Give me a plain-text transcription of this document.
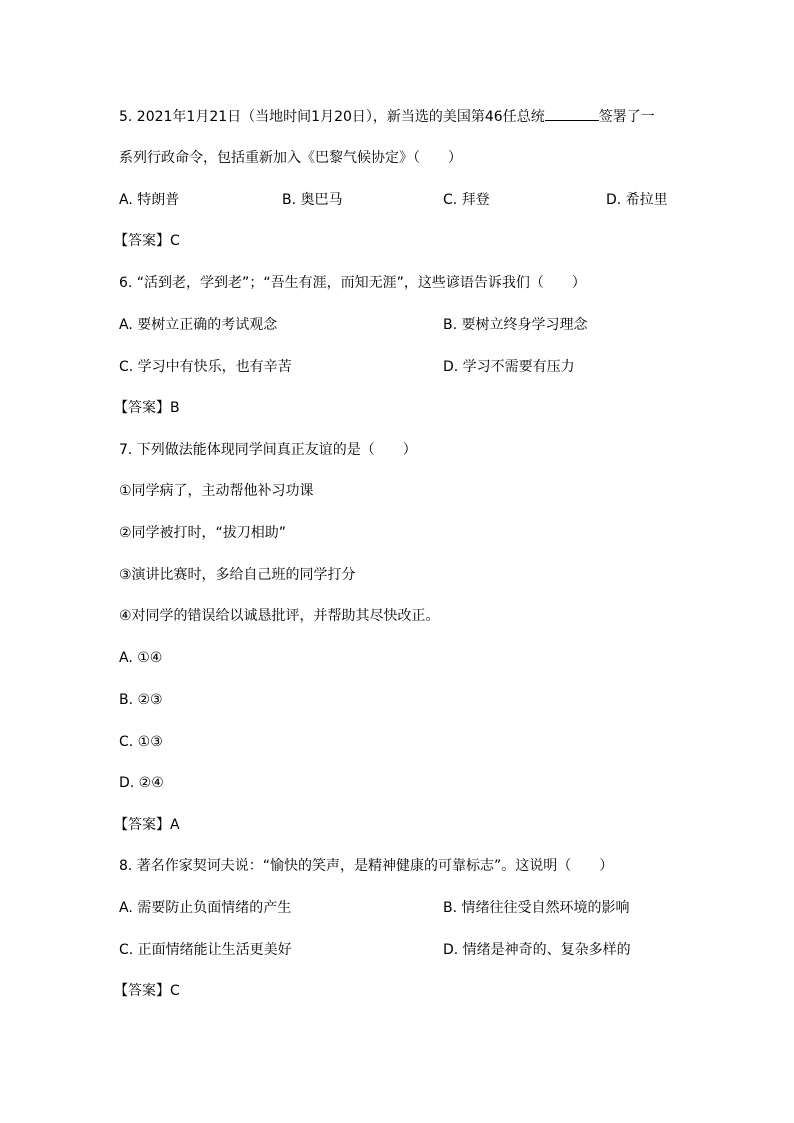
5. 2021年1月21日（当地时间1月20日），新当选的美国第46任总统	签署了一
系列行政命令，包括重新加入《巴黎气候协定》（　　）
A. 特朗普	B. 奥巴马	C. 拜登	D. 希拉里
【答案】C
6. “活到老，学到老”；“吾生有涯，而知无涯”，这些谚语告诉我们（　　）
A. 要树立正确的考试观念	B. 要树立终身学习理念
C. 学习中有快乐，也有辛苦	D. 学习不需要有压力
【答案】B
7. 下列做法能体现同学间真正友谊的是（　　）
①同学病了，主动帮他补习功课
②同学被打时，“拔刀相助”
③演讲比赛时，多给自己班的同学打分
④对同学的错误给以诚恳批评，并帮助其尽快改正。
A. ①④
B. ②③
C. ①③
D. ②④
【答案】A
8. 著名作家契诃夫说：“愉快的笑声，是精神健康的可靠标志”。这说明（　　）
A. 需要防止负面情绪的产生	B. 情绪往往受自然环境的影响
C. 正面情绪能让生活更美好	D. 情绪是神奇的、复杂多样的
【答案】C
